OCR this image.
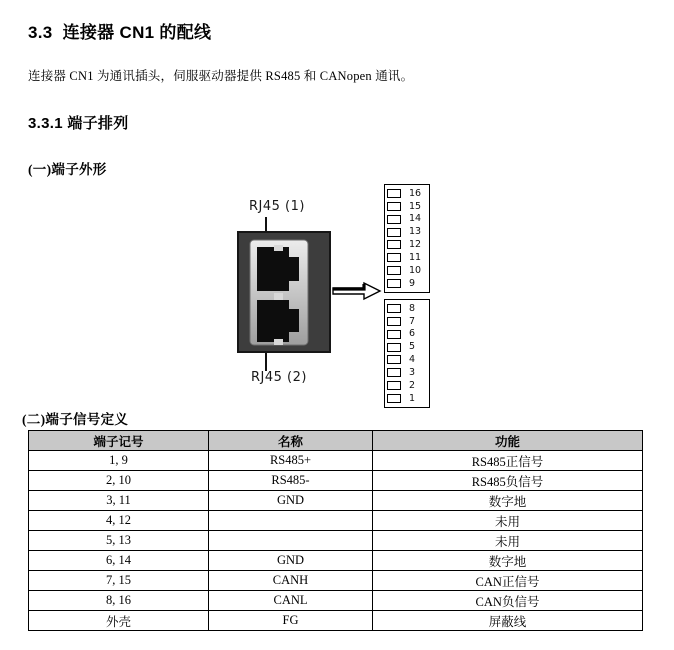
3.3  连接器 CN1 的配线
连接器 CN1 为通讯插头，伺服驱动器提供 RS485 和 CANopen 通讯。
3.3.1 端子排列
(一)端子外形
RJ45 (1)
RJ45 (2)
16
15
14
13
12
11
10
9
8
7
6
5
4
3
2
1
(二)端子信号定义
端子记号	名称	功能
1, 9	RS485+	RS485正信号
2, 10	RS485-	RS485负信号
3, 11	GND	数字地
4, 12		未用
5, 13		未用
6, 14	GND	数字地
7, 15	CANH	CAN正信号
8, 16	CANL	CAN负信号
外壳	FG	屏蔽线
